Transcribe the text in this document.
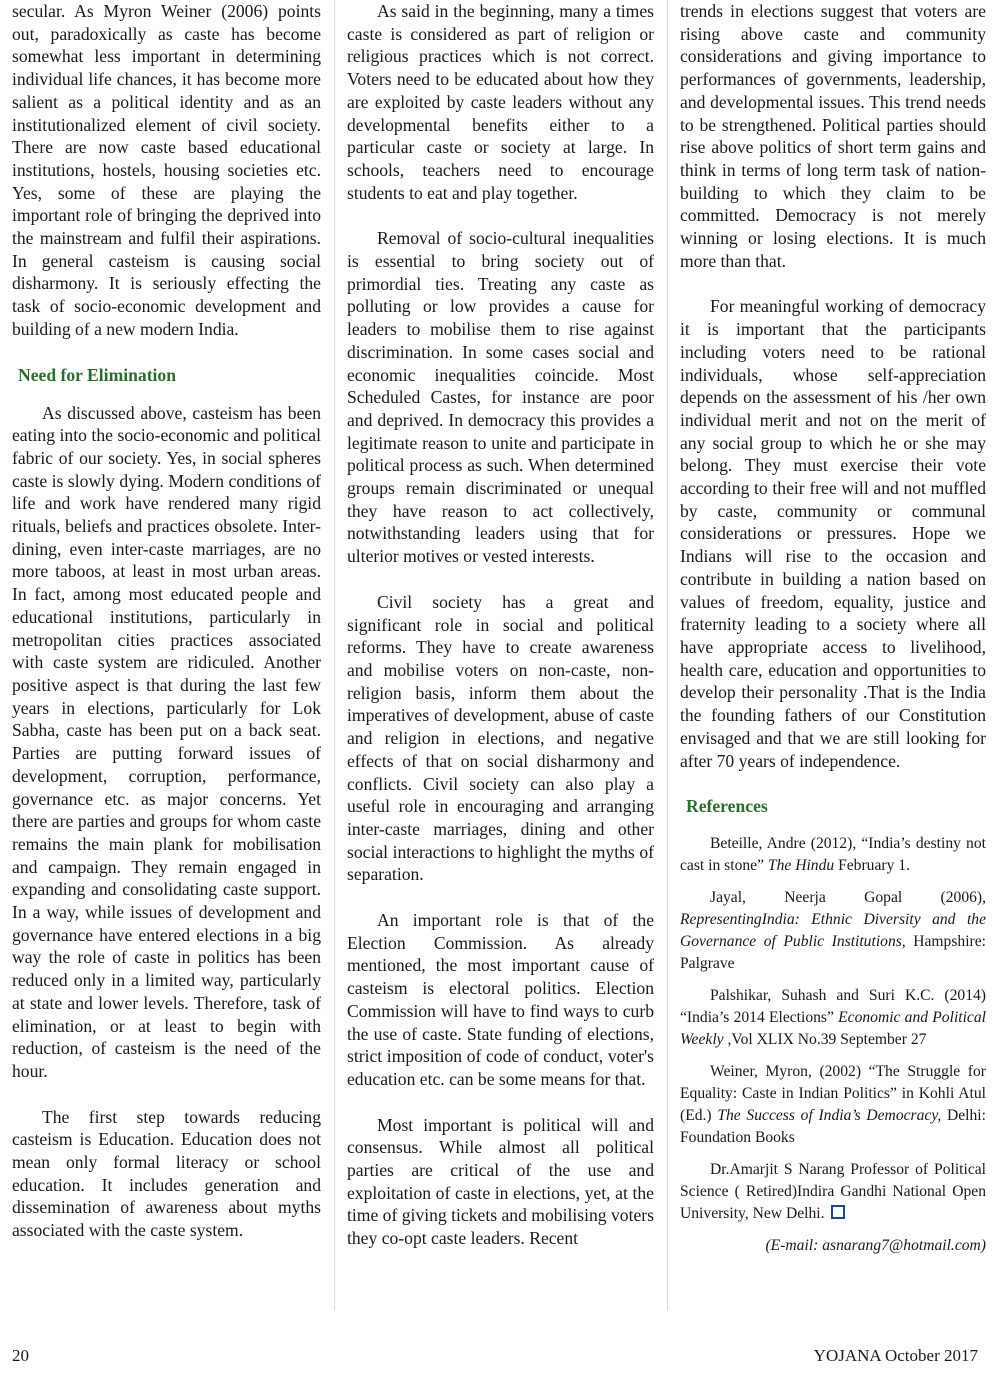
secular. As Myron Weiner (2006) points out, paradoxically as caste has become somewhat less important in determining individual life chances, it has become more salient as a political identity and as an institutionalized element of civil society. There are now caste based educational institutions, hostels, housing societies etc. Yes, some of these are playing the important role of bringing the deprived into the mainstream and fulfil their aspirations. In general casteism is causing social disharmony. It is seriously effecting the task of socio-economic development and building of a new modern India.

Need for Elimination

As discussed above, casteism has been eating into the socio-economic and political fabric of our society. Yes, in social spheres caste is slowly dying. Modern conditions of life and work have rendered many rigid rituals, beliefs and practices obsolete. Inter-dining, even inter-caste marriages, are no more taboos, at least in most urban areas. In fact, among most educated people and educational institutions, particularly in metropolitan cities practices associated with caste system are ridiculed. Another positive aspect is that during the last few years in elections, particularly for Lok Sabha, caste has been put on a back seat. Parties are putting forward issues of development, corruption, performance, governance etc. as major concerns. Yet there are parties and groups for whom caste remains the main plank for mobilisation and campaign. They remain engaged in expanding and consolidating caste support. In a way, while issues of development and governance have entered elections in a big way the role of caste in politics has been reduced only in a limited way, particularly at state and lower levels. Therefore, task of elimination, or at least to begin with reduction, of casteism is the need of the hour.

The first step towards reducing casteism is Education. Education does not mean only formal literacy or school education. It includes generation and dissemination of awareness about myths associated with the caste system.

As said in the beginning, many a times caste is considered as part of religion or religious practices which is not correct. Voters need to be educated about how they are exploited by caste leaders without any developmental benefits either to a particular caste or society at large. In schools, teachers need to encourage students to eat and play together.

Removal of socio-cultural inequalities is essential to bring society out of primordial ties. Treating any caste as polluting or low provides a cause for leaders to mobilise them to rise against discrimination. In some cases social and economic inequalities coincide. Most Scheduled Castes, for instance are poor and deprived. In democracy this provides a legitimate reason to unite and participate in political process as such. When determined groups remain discriminated or unequal they have reason to act collectively, notwithstanding leaders using that for ulterior motives or vested interests.

Civil society has a great and significant role in social and political reforms. They have to create awareness and mobilise voters on non-caste, non-religion basis, inform them about the imperatives of development, abuse of caste and religion in elections, and negative effects of that on social disharmony and conflicts. Civil society can also play a useful role in encouraging and arranging inter-caste marriages, dining and other social interactions to highlight the myths of separation.

An important role is that of the Election Commission. As already mentioned, the most important cause of casteism is electoral politics. Election Commission will have to find ways to curb the use of caste. State funding of elections, strict imposition of code of conduct, voter's education etc. can be some means for that.

Most important is political will and consensus. While almost all political parties are critical of the use and exploitation of caste in elections, yet, at the time of giving tickets and mobilising voters they co-opt caste leaders. Recent

trends in elections suggest that voters are rising above caste and community considerations and giving importance to performances of governments, leadership, and developmental issues. This trend needs to be strengthened. Political parties should rise above politics of short term gains and think in terms of long term task of nation-building to which they claim to be committed. Democracy is not merely winning or losing elections. It is much more than that.

For meaningful working of democracy it is important that the participants including voters need to be rational individuals, whose self-appreciation depends on the assessment of his /her own individual merit and not on the merit of any social group to which he or she may belong. They must exercise their vote according to their free will and not muffled by caste, community or communal considerations or pressures. Hope we Indians will rise to the occasion and contribute in building a nation based on values of freedom, equality, justice and fraternity leading to a society where all have appropriate access to livelihood, health care, education and opportunities to develop their personality .That is the India the founding fathers of our Constitution envisaged and that we are still looking for after 70 years of independence.

References

Beteille, Andre (2012), “India’s destiny not cast in stone” The Hindu February 1.

Jayal, Neerja Gopal (2006), RepresentingIndia: Ethnic Diversity and the Governance of Public Institutions, Hampshire: Palgrave

Palshikar, Suhash and Suri K.C. (2014) “India’s 2014 Elections” Economic and Political Weekly ,Vol XLIX No.39 September 27

Weiner, Myron, (2002) “The Struggle for Equality: Caste in Indian Politics” in Kohli Atul (Ed.) The Success of India’s Democracy, Delhi: Foundation Books

Dr.Amarjit S Narang Professor of Political Science ( Retired)Indira Gandhi National Open University, New Delhi.

(E-mail: asnarang7@hotmail.com)
20	YOJANA October 2017
